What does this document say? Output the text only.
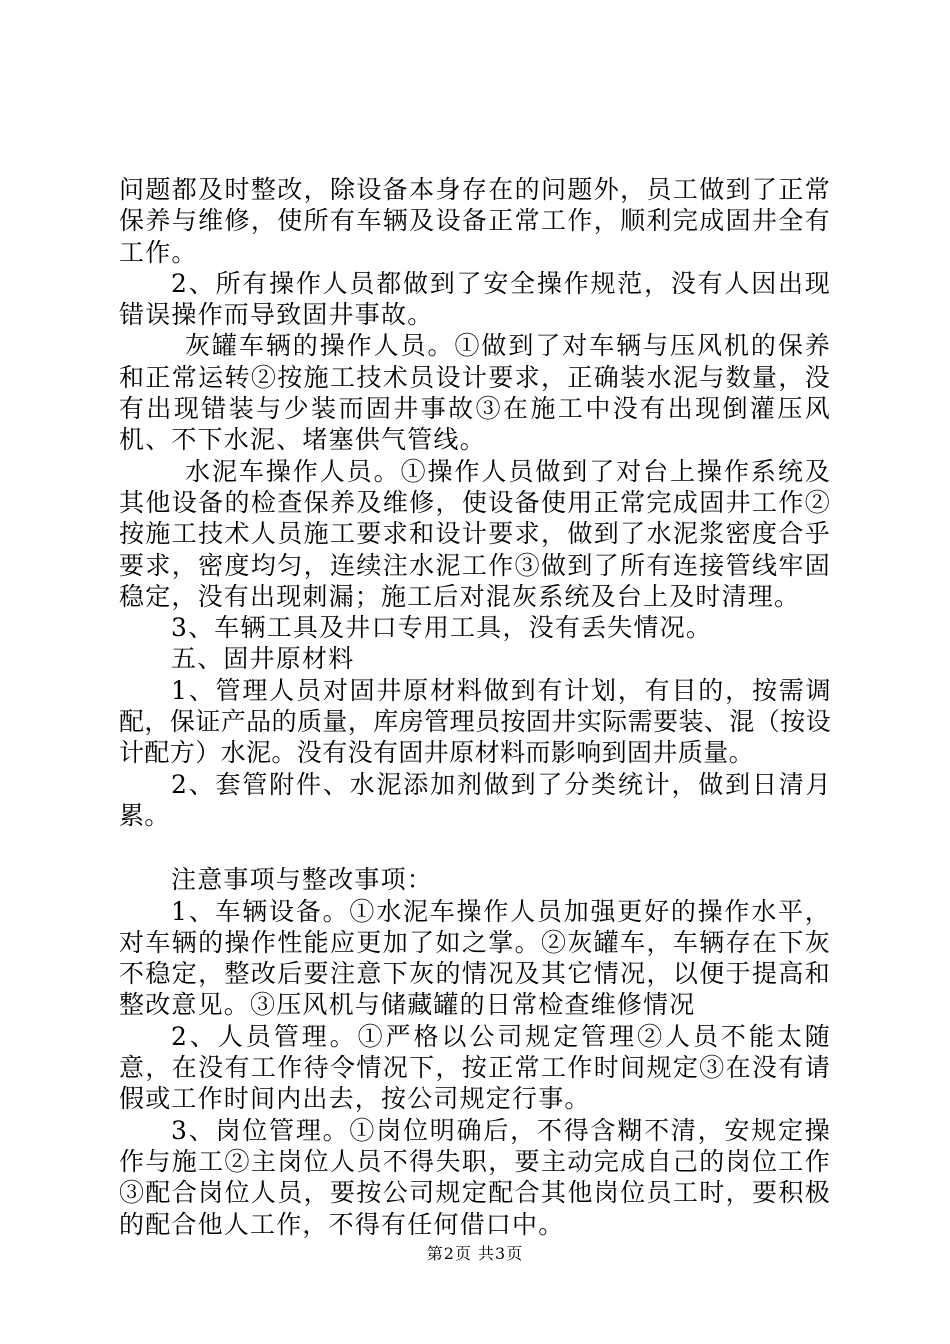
问题都及时整改，除设备本身存在的问题外，员工做到了正常保养与维修，使所有车辆及设备正常工作，顺利完成固井全有工作。

2、所有操作人员都做到了安全操作规范，没有人因出现错误操作而导致固井事故。

灰罐车辆的操作人员。①做到了对车辆与压风机的保养和正常运转②按施工技术员设计要求，正确装水泥与数量，没有出现错装与少装而固井事故③在施工中没有出现倒灌压风机、不下水泥、堵塞供气管线。

水泥车操作人员。①操作人员做到了对台上操作系统及其他设备的检查保养及维修，使设备使用正常完成固井工作②按施工技术人员施工要求和设计要求，做到了水泥浆密度合乎要求，密度均匀，连续注水泥工作③做到了所有连接管线牢固稳定，没有出现刺漏；施工后对混灰系统及台上及时清理。

3、车辆工具及井口专用工具，没有丢失情况。

五、固井原材料

1、管理人员对固井原材料做到有计划，有目的，按需调配，保证产品的质量，库房管理员按固井实际需要装、混（按设计配方）水泥。没有没有固井原材料而影响到固井质量。

2、套管附件、水泥添加剂做到了分类统计，做到日清月累。

注意事项与整改事项：

1、车辆设备。①水泥车操作人员加强更好的操作水平，对车辆的操作性能应更加了如之掌。②灰罐车，车辆存在下灰不稳定，整改后要注意下灰的情况及其它情况，以便于提高和整改意见。③压风机与储藏罐的日常检查维修情况

2、人员管理。①严格以公司规定管理②人员不能太随意，在没有工作待令情况下，按正常工作时间规定③在没有请假或工作时间内出去，按公司规定行事。

3、岗位管理。①岗位明确后，不得含糊不清，安规定操作与施工②主岗位人员不得失职，要主动完成自己的岗位工作③配合岗位人员，要按公司规定配合其他岗位员工时，要积极的配合他人工作，不得有任何借口中。

第2页 共3页
